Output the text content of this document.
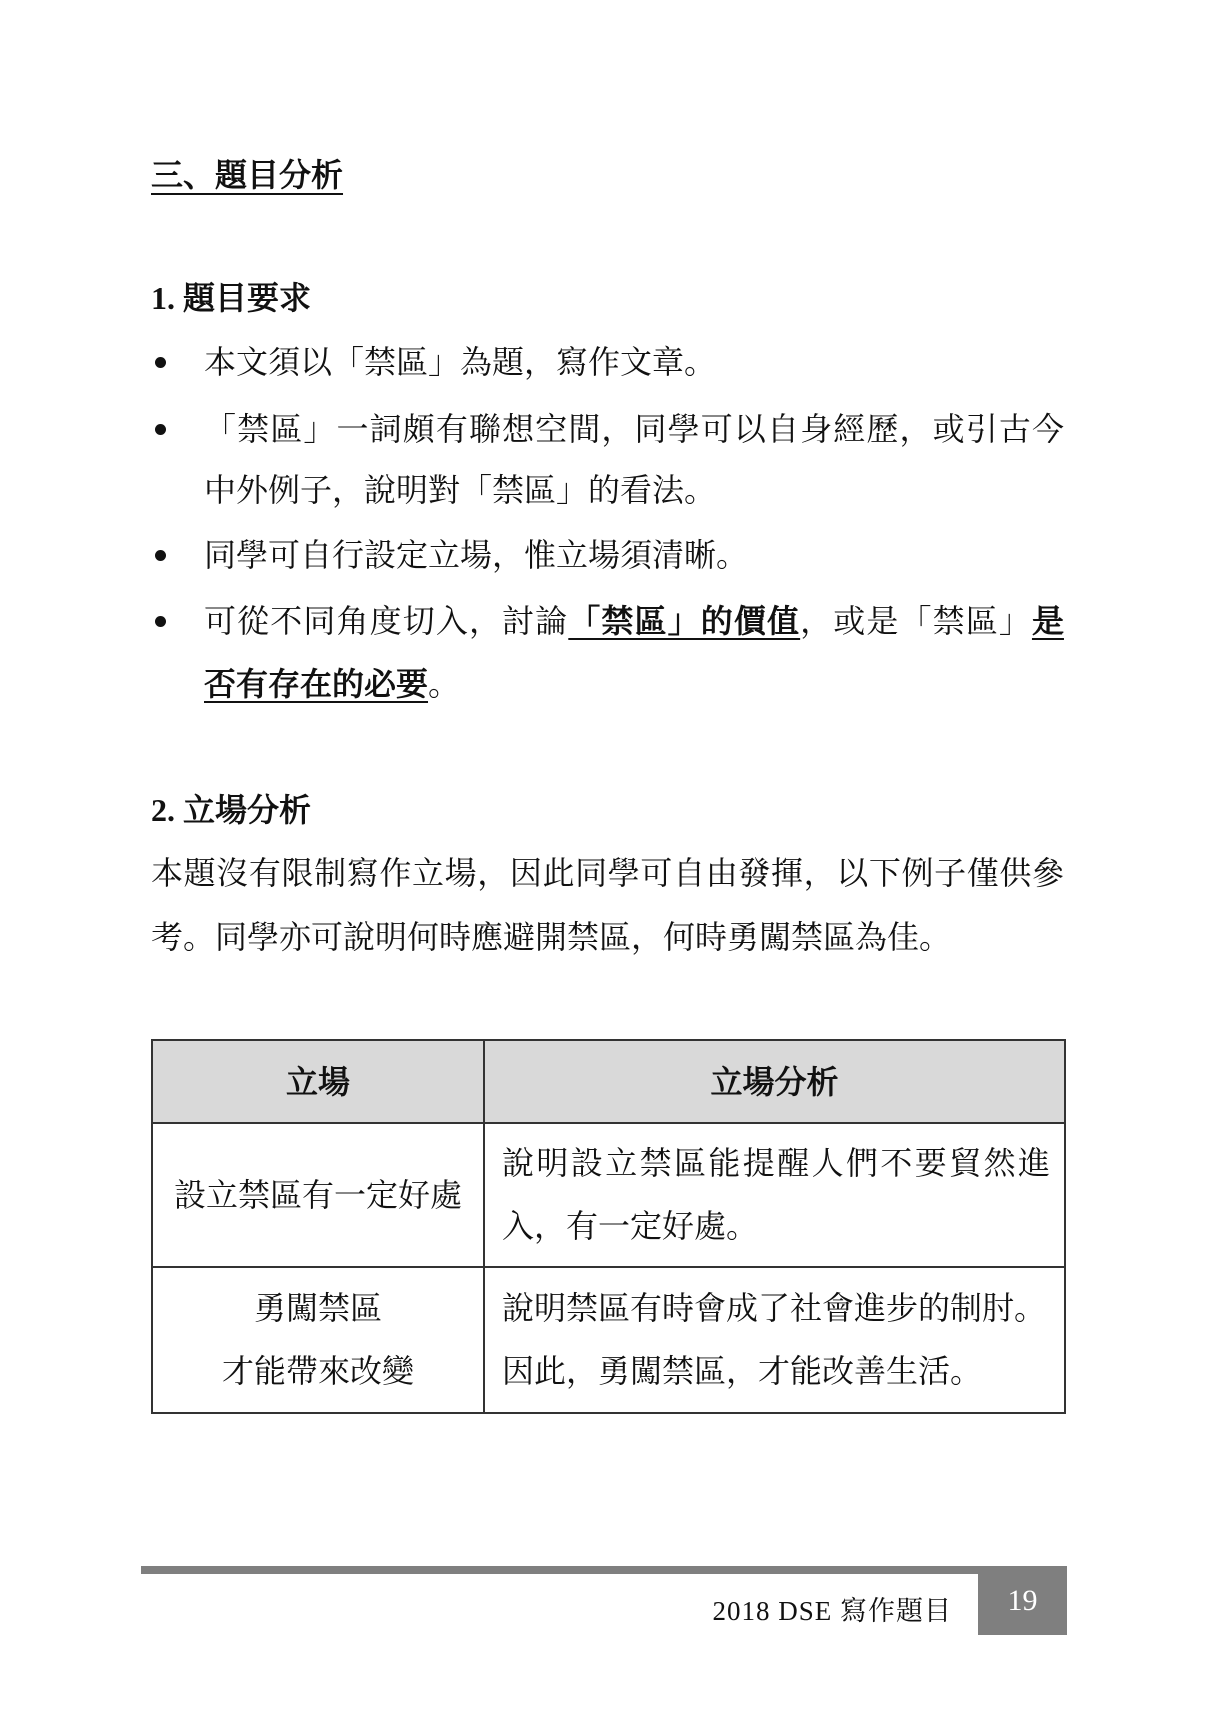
三、題目分析
1. 題目要求
本文須以「禁區」為題，寫作文章。
「禁區」一詞頗有聯想空間，同學可以自身經歷，或引古今
中外例子，說明對「禁區」的看法。
同學可自行設定立場，惟立場須清晰。
可從不同角度切入，討論「禁區」的價值，或是「禁區」是
否有存在的必要。
2. 立場分析
本題沒有限制寫作立場，因此同學可自由發揮，以下例子僅供參
考。同學亦可說明何時應避開禁區，何時勇闖禁區為佳。
立場	立場分析

設立禁區有一定好處	說明設立禁區能提醒人們不要貿然進
入，有一定好處。

勇闖禁區
才能帶來改變	說明禁區有時會成了社會進步的制肘。
因此，勇闖禁區，才能改善生活。
2018 DSE 寫作題目	19
